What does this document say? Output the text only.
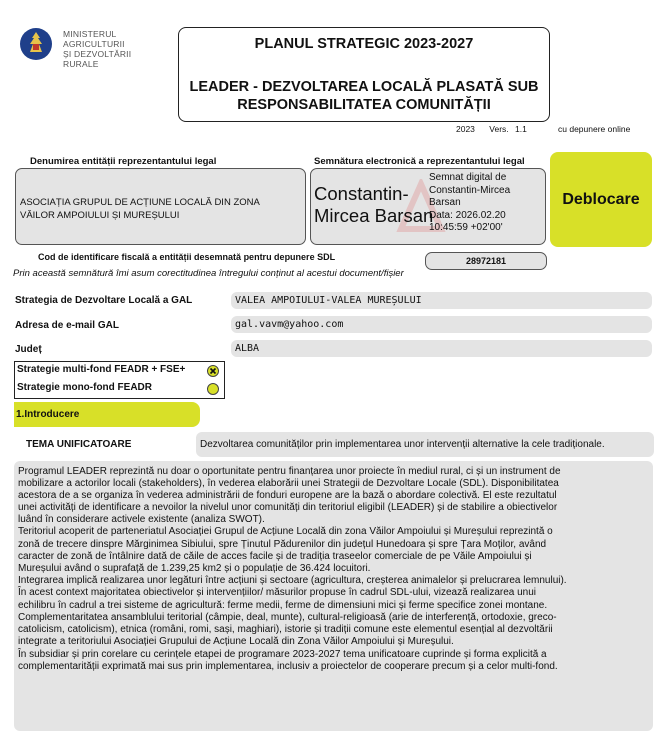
MINISTERUL AGRICULTURII
ȘI DEZVOLTĂRII RURALE
PLANUL STRATEGIC 2023-2027
LEADER - DEZVOLTAREA LOCALĂ PLASATĂ SUB
RESPONSABILITATEA COMUNITĂȚII
2023 Vers. 1.1	cu depunere online
Denumirea entității reprezentantului legal	Semnătura electronică a reprezentantului legal
ASOCIAȚIA GRUPUL DE ACȚIUNE LOCALĂ DIN ZONA
VĂILOR AMPOIULUI ȘI MUREȘULUI
Constantin-
Mircea Barsan
Semnat digital de
Constantin-Mircea
Barsan
Data: 2026.02.20
10:45:59 +02'00'
Deblocare
Cod de identificare fiscală a entității desemnată pentru depunere SDL	28972181
Prin această semnătură îmi asum corectitudinea întregului conținut al acestui document/fișier
Strategia de Dezvoltare Locală a GAL	VALEA AMPOIULUI-VALEA MUREȘULUI
Adresa de e-mail GAL	gal.vavm@yahoo.com
Județ	ALBA
Strategie multi-fond FEADR + FSE+
Strategie mono-fond FEADR
1.Introducere
TEMA UNIFICATOARE	Dezvoltarea comunităților prin implementarea unor intervenții alternative la cele tradiționale.
Programul LEADER reprezintă nu doar o oportunitate pentru finanțarea unor proiecte în mediul rural, ci și un instrument de
mobilizare a actorilor locali (stakeholders), în vederea elaborării unei Strategii de Dezvoltare Locale (SDL). Disponibilitatea
acestora de a se organiza în vederea administrării de fonduri europene are la bază o abordare colectivă. El este rezultatul
unei activități de identificare a nevoilor la nivelul unor comunități din teritoriul eligibil (LEADER) și de stabilire a obiectivelor
luând în considerare activele existente (analiza SWOT).
Teritoriul acoperit de parteneriatul Asociației Grupul de Acțiune Locală din zona Văilor Ampoiului și Mureșului reprezintă o
zonă de trecere dinspre Mărginimea Sibiului, spre Ținutul Pădurenilor din județul Hunedoara și spre Țara Moților, având
caracter de zonă de întâlnire dată de căile de acces facile și de tradiția traseelor comerciale de pe Văile Ampoiului și
Mureșului având o suprafață de 1.239,25 km2 și o populație de 36.424 locuitori.
Integrarea implică realizarea unor legături între acțiuni și sectoare (agricultura, creșterea animalelor și prelucrarea lemnului).
În acest context majoritatea obiectivelor și intervențiilor/ măsurilor propuse în cadrul SDL-ului, vizează realizarea unui
echilibru în cadrul a trei sisteme de agricultură: ferme medii, ferme de dimensiuni mici și ferme specifice zonei montane.
Complementaritatea ansamblului teritorial (câmpie, deal, munte), cultural-religioasă (arie de interferență, ortodoxie, greco-
catolicism, catolicism), etnica (români, romi, sași, maghiari), istorie și tradiții comune este elementul esențial al dezvoltării
integrate a teritoriului Asociației Grupului de Acțiune Locală din Zona Văilor Ampoiului și Mureșului.
În subsidiar și prin corelare cu cerințele etapei de programare 2023-2027 tema unificatoare cuprinde și forma explicită a
complementarității exprimată mai sus prin implementarea, inclusiv a proiectelor de cooperare precum și a celor multi-fond.
